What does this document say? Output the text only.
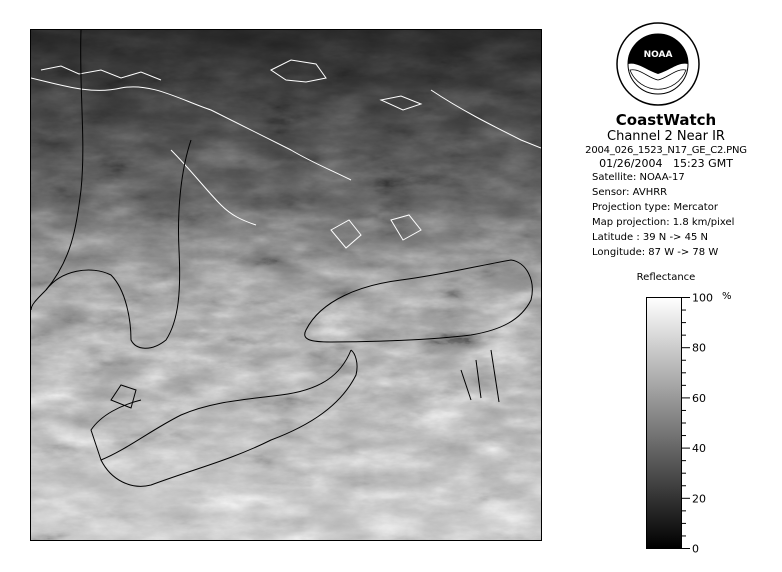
NOAA
CoastWatch
Channel 2 Near IR
2004_026_1523_N17_GE_C2.PNG
01/26/2004 15:23 GMT
Satellite: NOAA-17
Sensor: AVHRR
Projection type: Mercator
Map projection: 1.8 km/pixel
Latitude : 39 N -> 45 N
Longitude: 87 W -> 78 W
Reflectance
%
100
80
60
40
20
0
